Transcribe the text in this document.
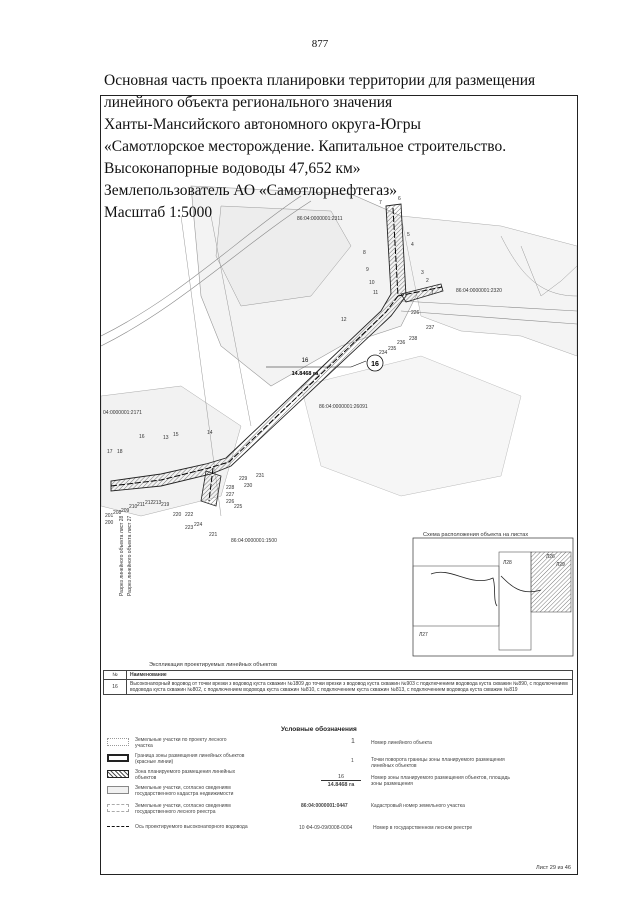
877
Основная часть проекта планировки территории для размещения
линейного объекта регионального значения
Ханты-Мансийского автономного округа-Югры
«Самотлорское месторождение. Капитальное строительство.
Высоконапорные водоводы 47,652 км»
Землепользователь АО «Самотлорнефтегаз»
Масштаб 1:5000
7
6
5
4
8
3
9
2
10
11	1
226
237
238
12
236
235
234
15
16
17 18
14
13
229
230
231
228
227
226
225
224
223
222
221
220
219
213
212
211
210
209
208
201
200
86:04:0000001:2311
86:04:0000001:2320
86:04:0000001:1500
04:0000001:2171
86:04:0000001:26091
16
14.8468 га
16
Разрез линейного объекта лист 28 Разрез линейного объекта лист 27	Л26
Л27
Л28	Л29
Схема расположения объекта на листах
Экспликация проектируемых линейных объектов
№	Наименование
16	Высоконапорный водовод от точки врезки з водовод куста скважин №1809 до точки врезки з водовод куста скважин №903 с подключением водовода куста скважин №890, с подключением водовода куста скважин №802, с подключением водовода куста скважин №810, с подключением куста скважин №813, с подключением водовода куста скважин №819
Условные обозначения
Земельные участки по проекту лесного участка
Граница зоны размещения линейных объектов (красные линии)
Зона планируемого размещения линейных объектов
Земельные участки, согласно сведениям государственного кадастра недвижимости
Земельные участки, согласно сведениям государственного лесного реестра
Ось проектируемого высоконапорного водовода
1	Номер линейного объекта
1	Точки поворота границы зоны планируемого размещения линейных объектов
16
14.8468 га
Номер зоны планируемого размещения объектов, площадь зоны размещения
86:04:0000001:0447	Кадастровый номер земельного участка
10 Ф4-09-09/0008-0004	Номер в государственном лесном реестре
Лист 29 из 46
